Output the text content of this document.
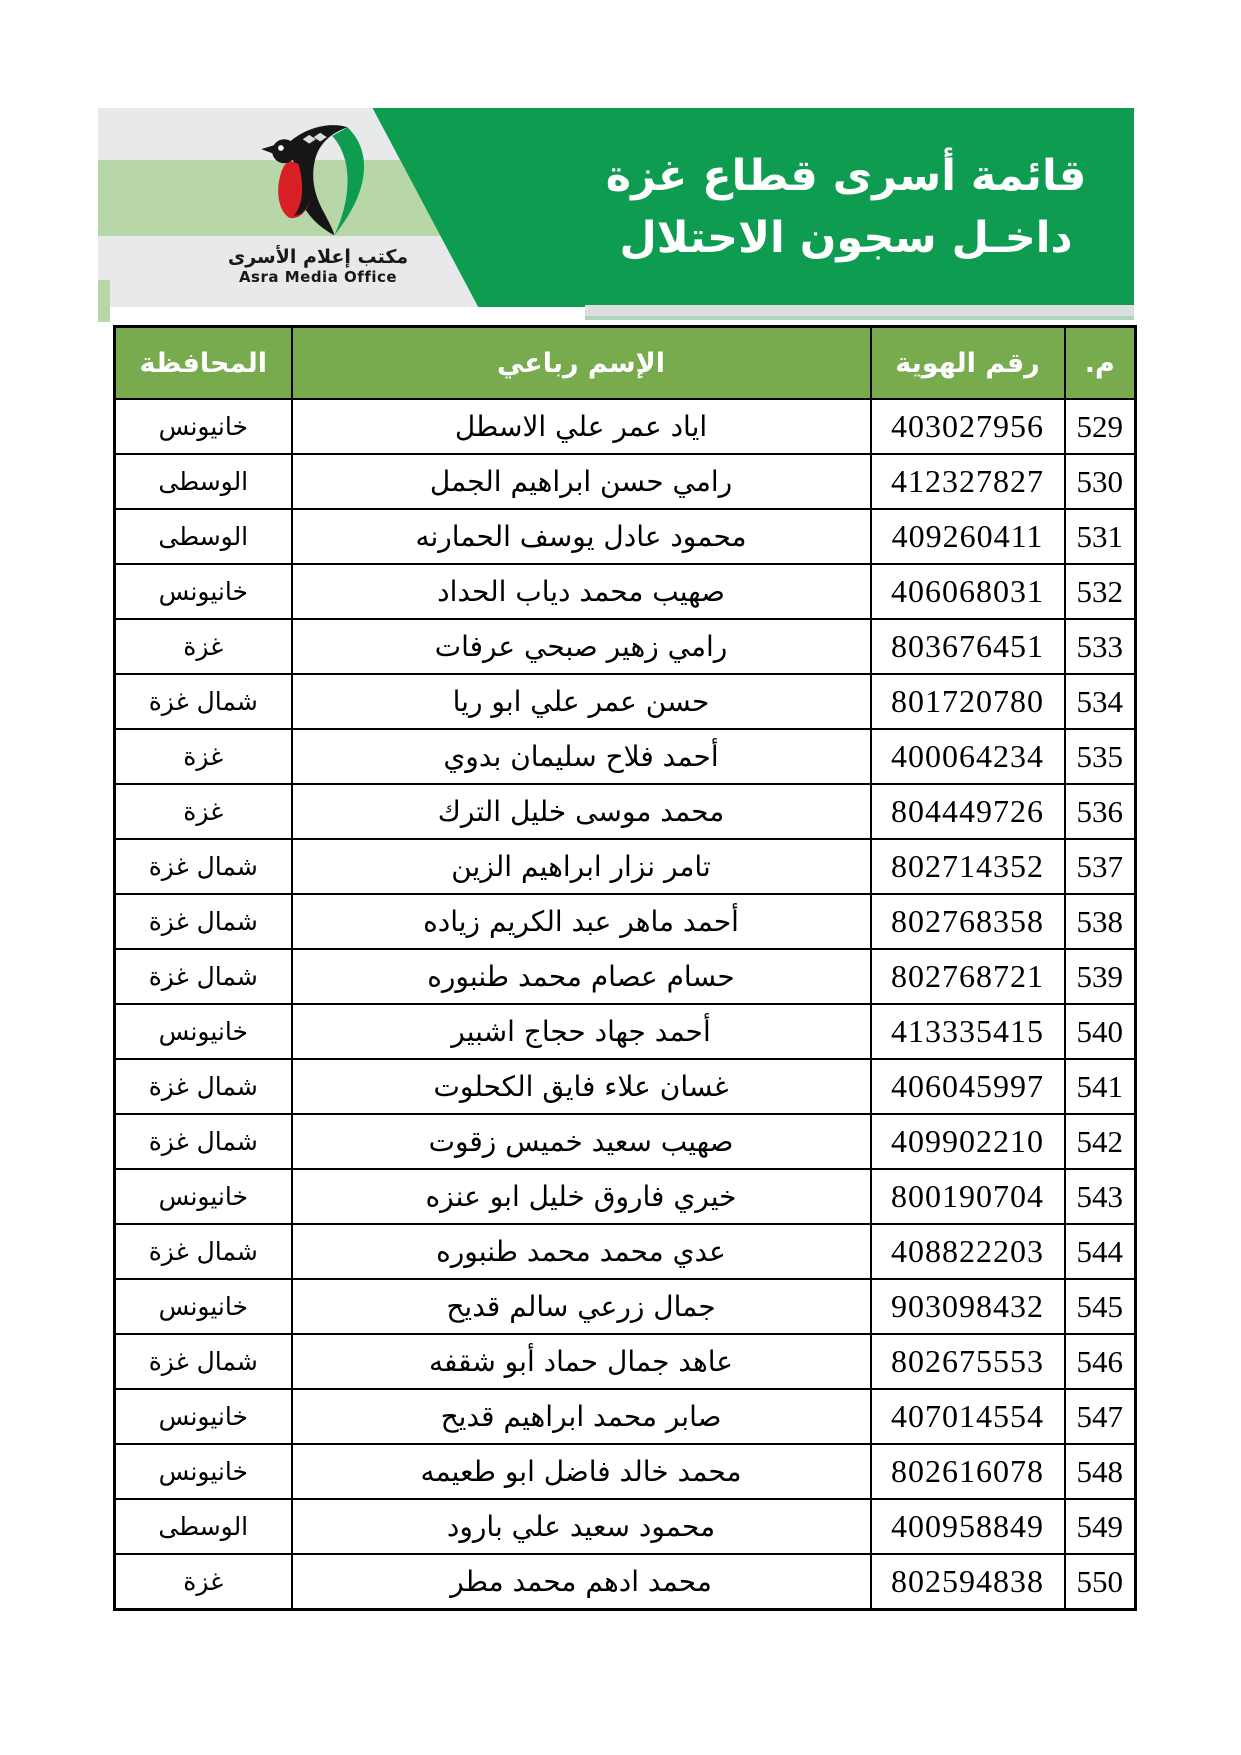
مكتب إعلام الأسرى
Asra Media Office
قائمة أسرى قطاع غزة
داخـل سجون الاحتلال
م.	رقم الهوية	الإسم رباعي	المحافظة
529	403027956	اياد عمر علي الاسطل	خانيونس
530	412327827	رامي حسن ابراهيم الجمل	الوسطى
531	409260411	محمود عادل يوسف الحمارنه	الوسطى
532	406068031	صهيب محمد دياب الحداد	خانيونس
533	803676451	رامي زهير صبحي عرفات	غزة
534	801720780	حسن عمر علي ابو ريا	شمال غزة
535	400064234	أحمد فلاح سليمان بدوي	غزة
536	804449726	محمد موسى خليل الترك	غزة
537	802714352	تامر نزار ابراهيم الزين	شمال غزة
538	802768358	أحمد ماهر عبد الكريم زياده	شمال غزة
539	802768721	حسام عصام محمد طنبوره	شمال غزة
540	413335415	أحمد جهاد حجاج اشبير	خانيونس
541	406045997	غسان علاء فايق الكحلوت	شمال غزة
542	409902210	صهيب سعيد خميس زقوت	شمال غزة
543	800190704	خيري فاروق خليل ابو عنزه	خانيونس
544	408822203	عدي محمد محمد طنبوره	شمال غزة
545	903098432	جمال زرعي سالم قديح	خانيونس
546	802675553	عاهد جمال حماد أبو شقفه	شمال غزة
547	407014554	صابر محمد ابراهيم قديح	خانيونس
548	802616078	محمد خالد فاضل ابو طعيمه	خانيونس
549	400958849	محمود سعيد علي بارود	الوسطى
550	802594838	محمد ادهم محمد مطر	غزة
